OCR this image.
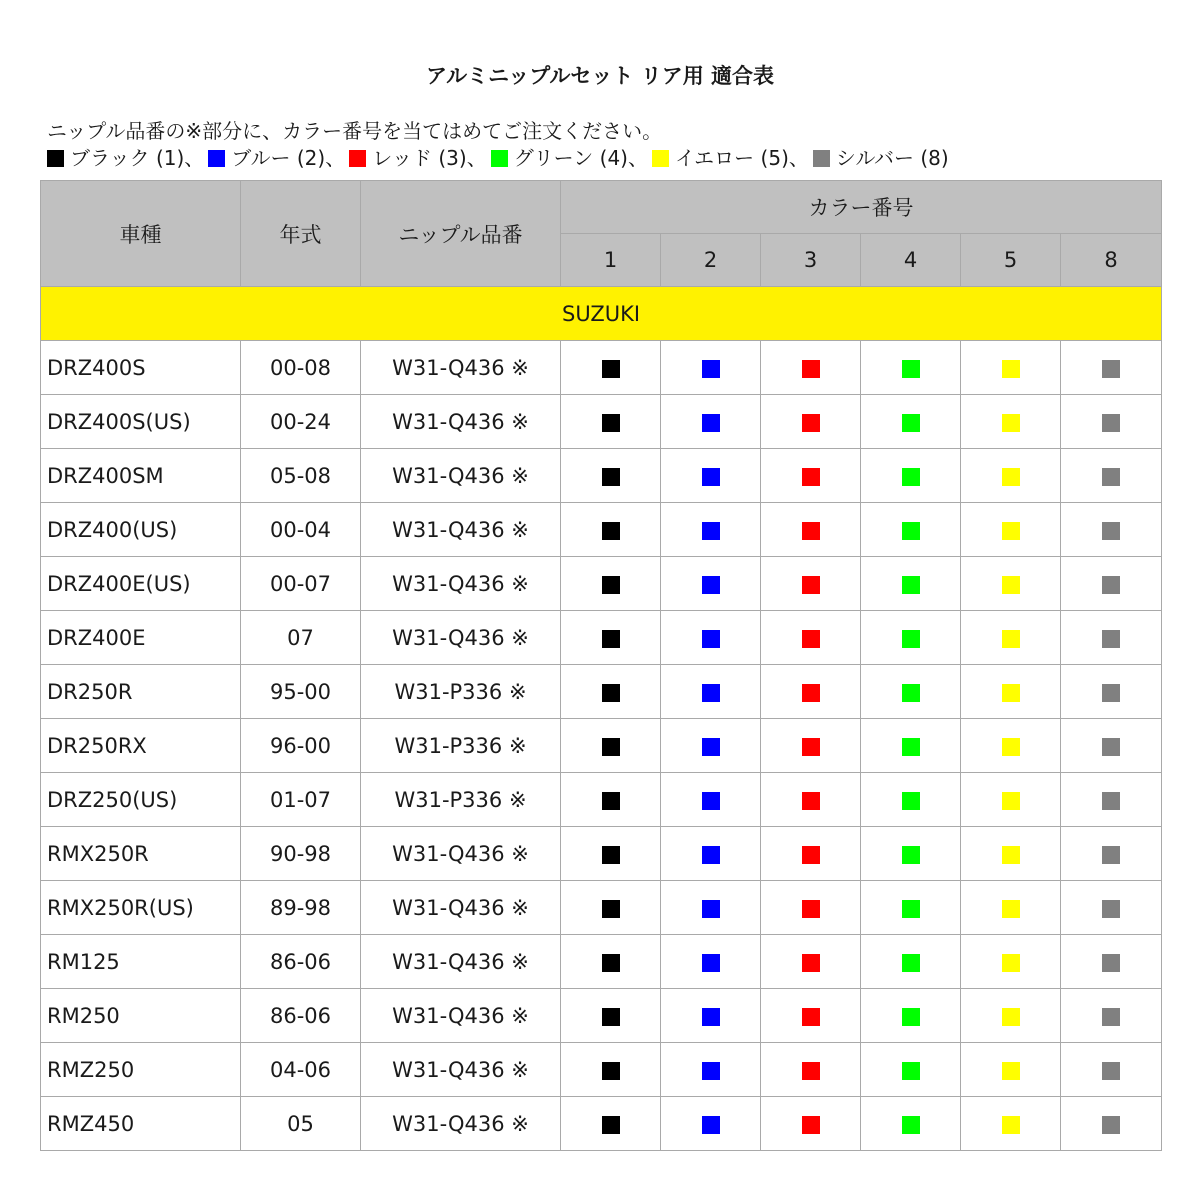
アルミニップルセット リア用 適合表
ニップル品番の※部分に、カラー番号を当てはめてご注文ください。
ブラック (1) 、 ブルー (2) 、 レッド (3) 、 グリーン (4) 、 イエロー (5) 、 シルバー (8)
車種	年式	ニップル品番	カラー番号					
			1	2	3	4	5	8
SUZUKI								
DRZ400S	00-08	W31-Q436 ※						
DRZ400S(US)	00-24	W31-Q436 ※						
DRZ400SM	05-08	W31-Q436 ※						
DRZ400(US)	00-04	W31-Q436 ※						
DRZ400E(US)	00-07	W31-Q436 ※						
DRZ400E	07	W31-Q436 ※						
DR250R	95-00	W31-P336 ※						
DR250RX	96-00	W31-P336 ※						
DRZ250(US)	01-07	W31-P336 ※						
RMX250R	90-98	W31-Q436 ※						
RMX250R(US)	89-98	W31-Q436 ※						
RM125	86-06	W31-Q436 ※						
RM250	86-06	W31-Q436 ※						
RMZ250	04-06	W31-Q436 ※						
RMZ450	05	W31-Q436 ※						
